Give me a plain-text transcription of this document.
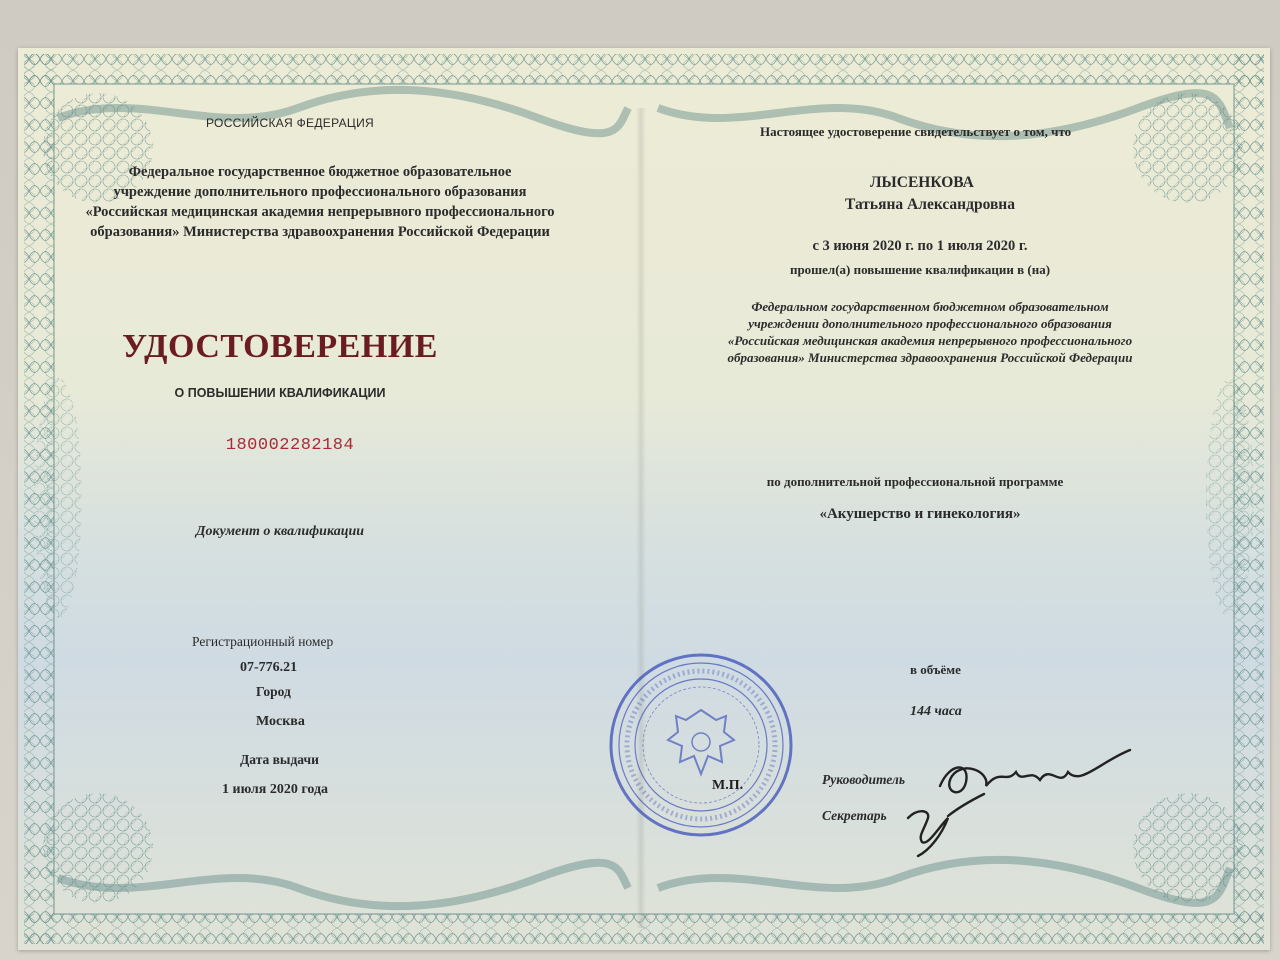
РОССИЙСКАЯ ФЕДЕРАЦИЯ
Федеральное государственное бюджетное образовательное
учреждение дополнительного профессионального образования
«Российская медицинская академия непрерывного профессионального
образования» Министерства здравоохранения Российской Федерации
УДОСТОВЕРЕНИЕ
О ПОВЫШЕНИИ КВАЛИФИКАЦИИ
180002282184
Документ о квалификации
Регистрационный номер
07-776.21
Город
Москва
Дата выдачи
1 июля 2020 года
Настоящее удостоверение свидетельствует о том, что
ЛЫСЕНКОВА
Татьяна Александровна
с 3 июня 2020 г. по 1 июля 2020 г.
прошел(а) повышение квалификации в (на)
Федеральном государственном бюджетном образовательном
учреждении дополнительного профессионального образования
«Российская медицинская академия непрерывного профессионального
образования» Министерства здравоохранения Российской Федерации
по дополнительной профессиональной программе
«Акушерство и гинекология»
в объёме
144 часа
М.П.	Руководитель
Секретарь
